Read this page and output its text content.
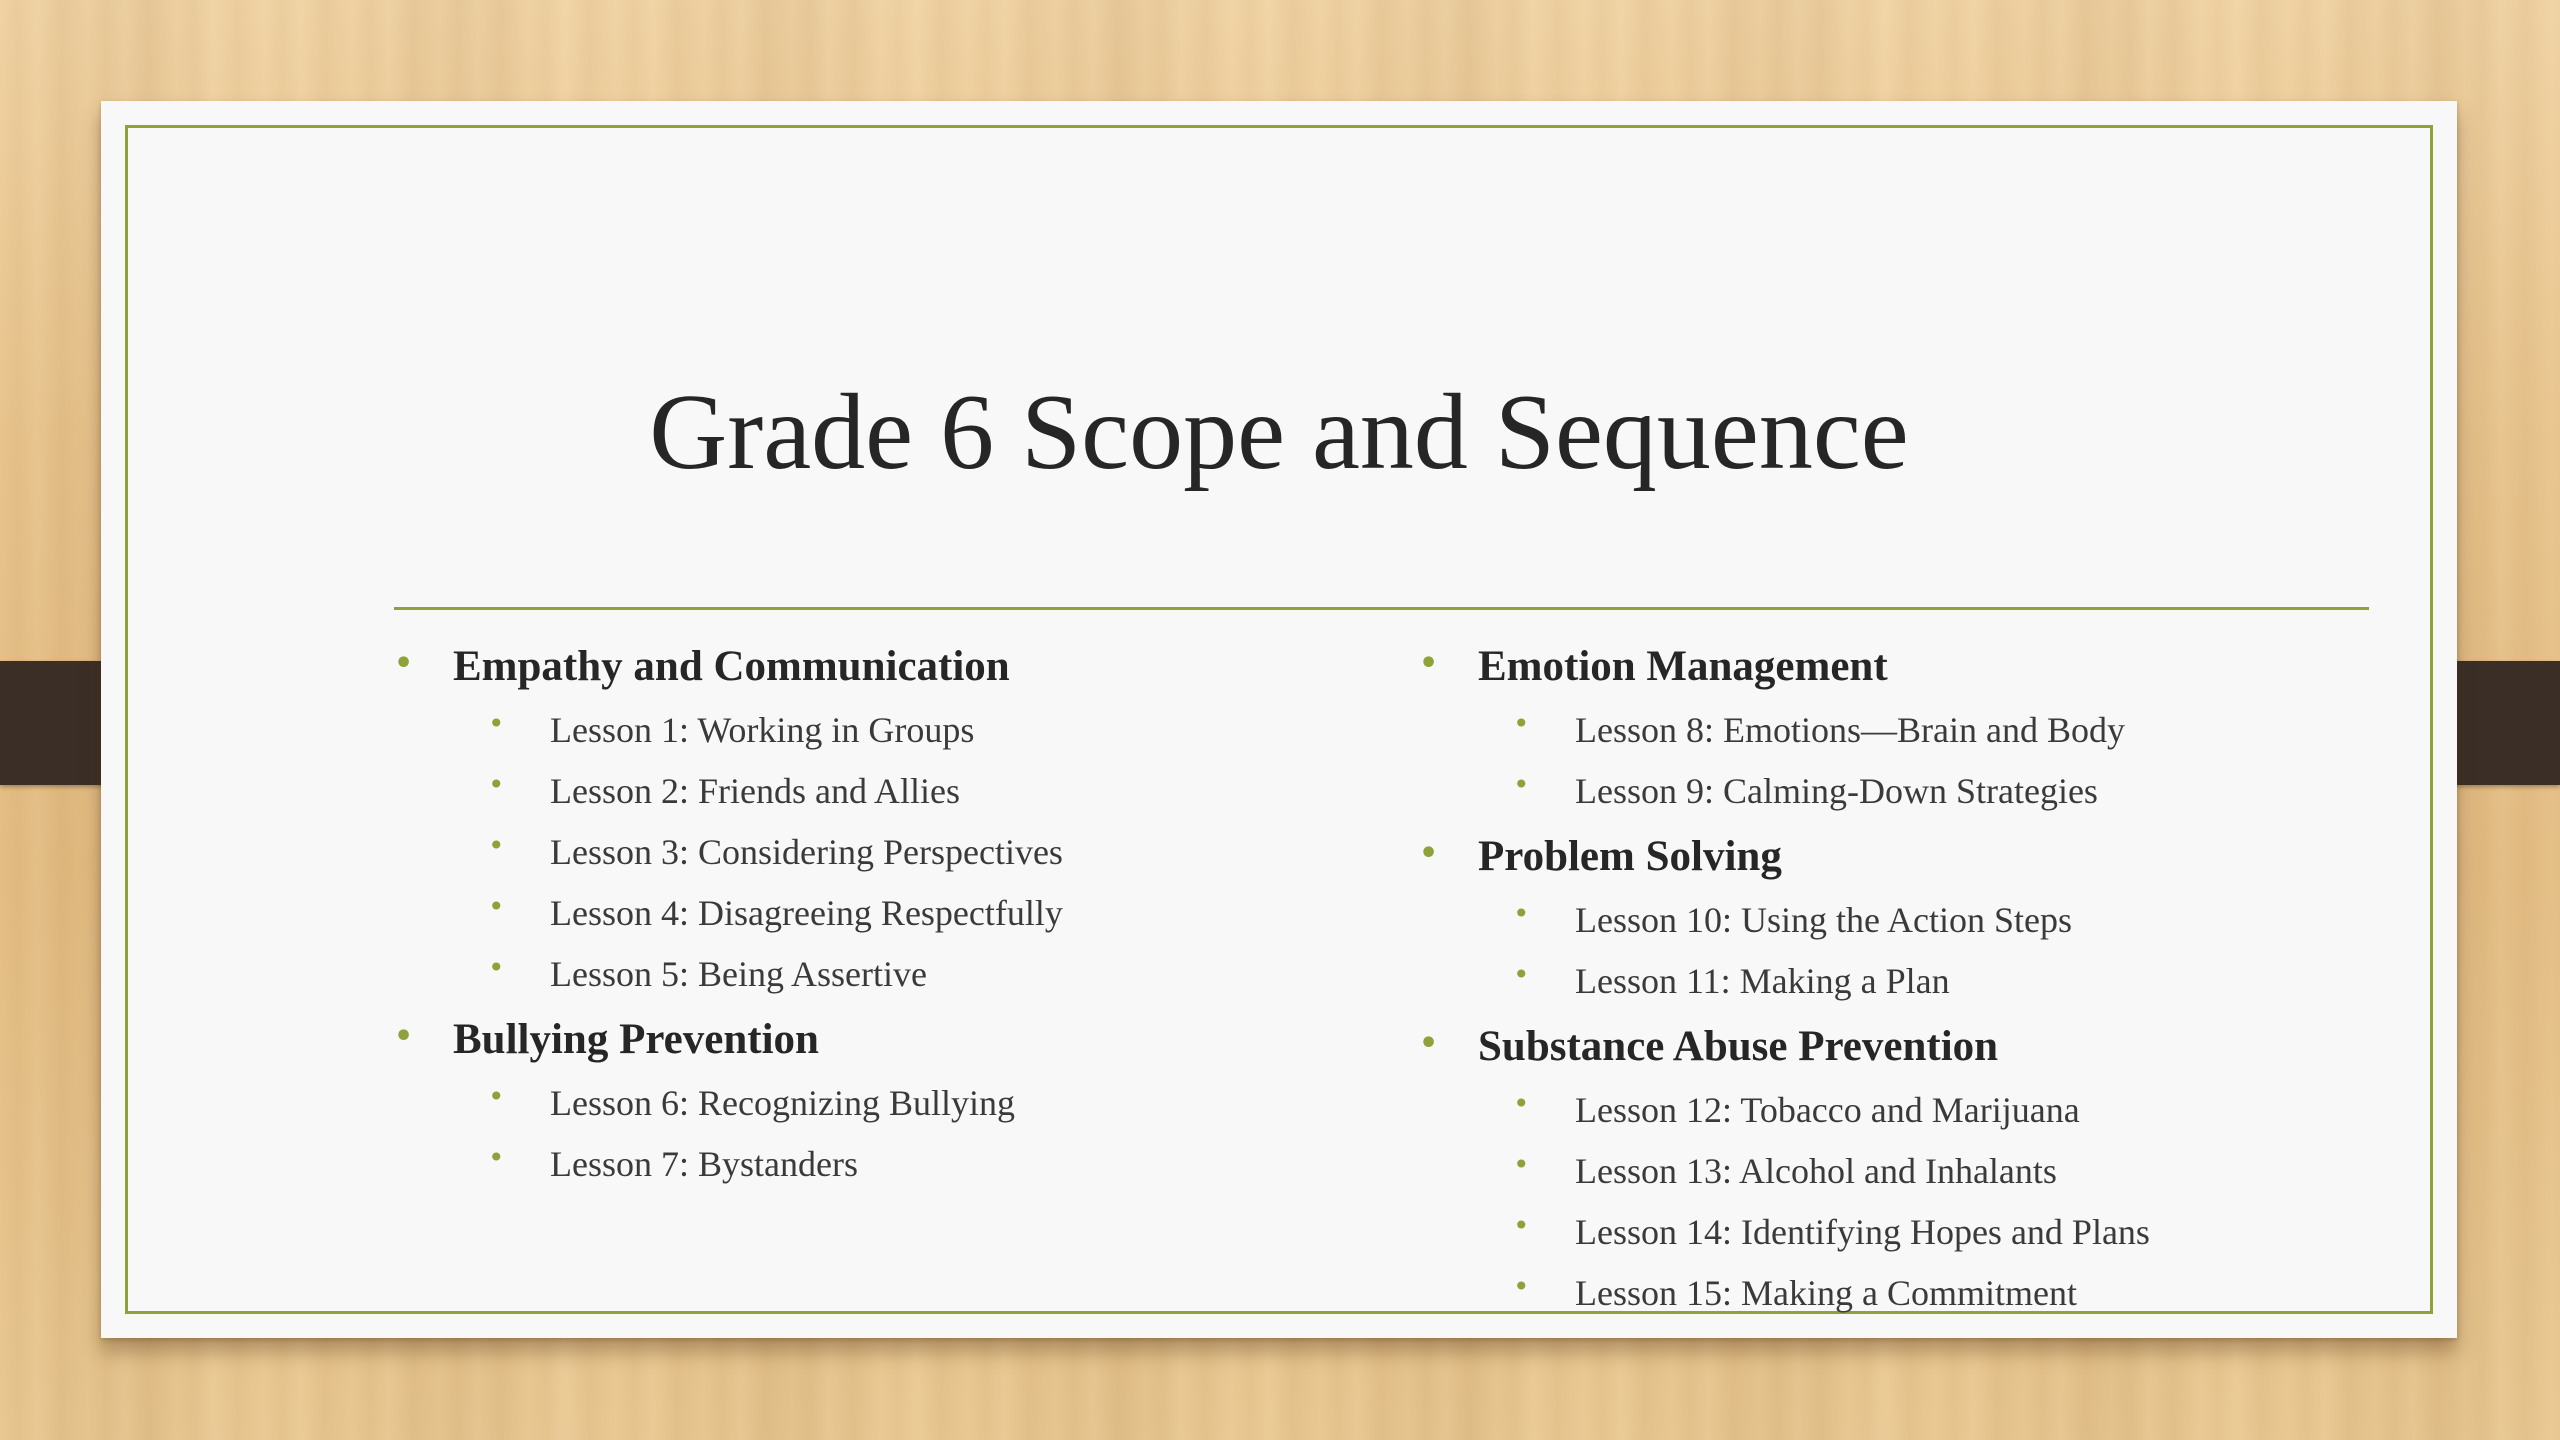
Grade 6 Scope and Sequence
• Empathy and Communication
• Lesson 1: Working in Groups
• Lesson 2: Friends and Allies
• Lesson 3: Considering Perspectives
• Lesson 4: Disagreeing Respectfully
• Lesson 5: Being Assertive
• Bullying Prevention
• Lesson 6: Recognizing Bullying
• Lesson 7: Bystanders
• Emotion Management
• Lesson 8: Emotions—Brain and Body
• Lesson 9: Calming-Down Strategies
• Problem Solving
• Lesson 10: Using the Action Steps
• Lesson 11: Making a Plan
• Substance Abuse Prevention
• Lesson 12: Tobacco and Marijuana
• Lesson 13: Alcohol and Inhalants
• Lesson 14: Identifying Hopes and Plans
• Lesson 15: Making a Commitment
